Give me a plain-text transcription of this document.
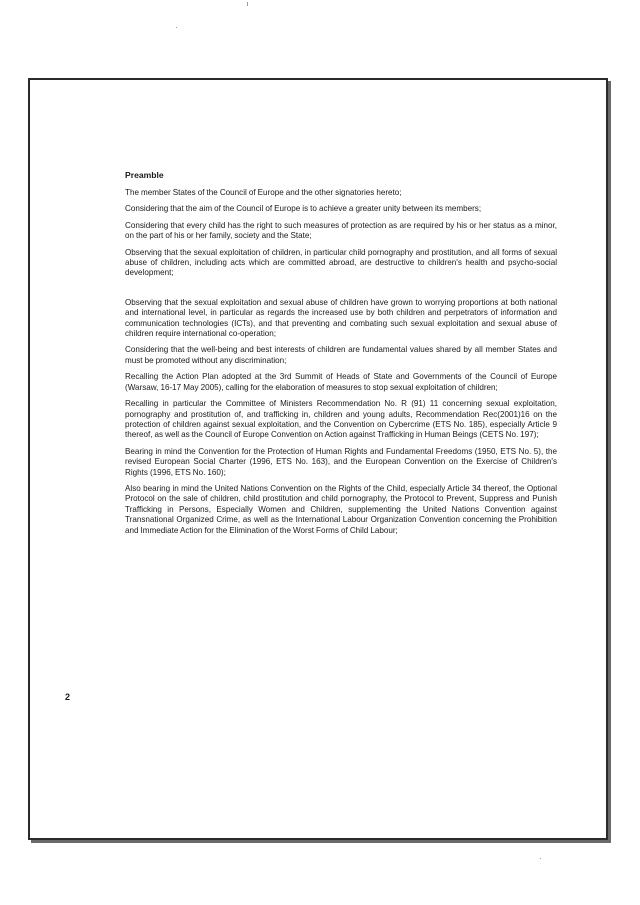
Preamble

The member States of the Council of Europe and the other signatories hereto;

Considering that the aim of the Council of Europe is to achieve a greater unity between its members;

Considering that every child has the right to such measures of protection as are required by his or her status as a minor, on the part of his or her family, society and the State;

Observing that the sexual exploitation of children, in particular child pornography and prostitution, and all forms of sexual abuse of children, including acts which are committed abroad, are destructive to children's health and psycho-social development;

Observing that the sexual exploitation and sexual abuse of children have grown to worrying proportions at both national and international level, in particular as regards the increased use by both children and perpetrators of information and communication technologies (ICTs), and that preventing and combating such sexual exploitation and sexual abuse of children require international co-operation;

Considering that the well-being and best interests of children are fundamental values shared by all member States and must be promoted without any discrimination;

Recalling the Action Plan adopted at the 3rd Summit of Heads of State and Governments of the Council of Europe (Warsaw, 16-17 May 2005), calling for the elaboration of measures to stop sexual exploitation of children;

Recalling in particular the Committee of Ministers Recommendation No. R (91) 11 concerning sexual exploitation, pornography and prostitution of, and trafficking in, children and young adults, Recommendation Rec(2001)16 on the protection of children against sexual exploitation, and the Convention on Cybercrime (ETS No. 185), especially Article 9 thereof, as well as the Council of Europe Convention on Action against Trafficking in Human Beings (CETS No. 197);

Bearing in mind the Convention for the Protection of Human Rights and Fundamental Freedoms (1950, ETS No. 5), the revised European Social Charter (1996, ETS No. 163), and the European Convention on the Exercise of Children's Rights (1996, ETS No. 160);

Also bearing in mind the United Nations Convention on the Rights of the Child, especially Article 34 thereof, the Optional Protocol on the sale of children, child prostitution and child pornography, the Protocol to Prevent, Suppress and Punish Trafficking in Persons, Especially Women and Children, supplementing the United Nations Convention against Transnational Organized Crime, as well as the International Labour Organization Convention concerning the Prohibition and Immediate Action for the Elimination of the Worst Forms of Child Labour;

2
